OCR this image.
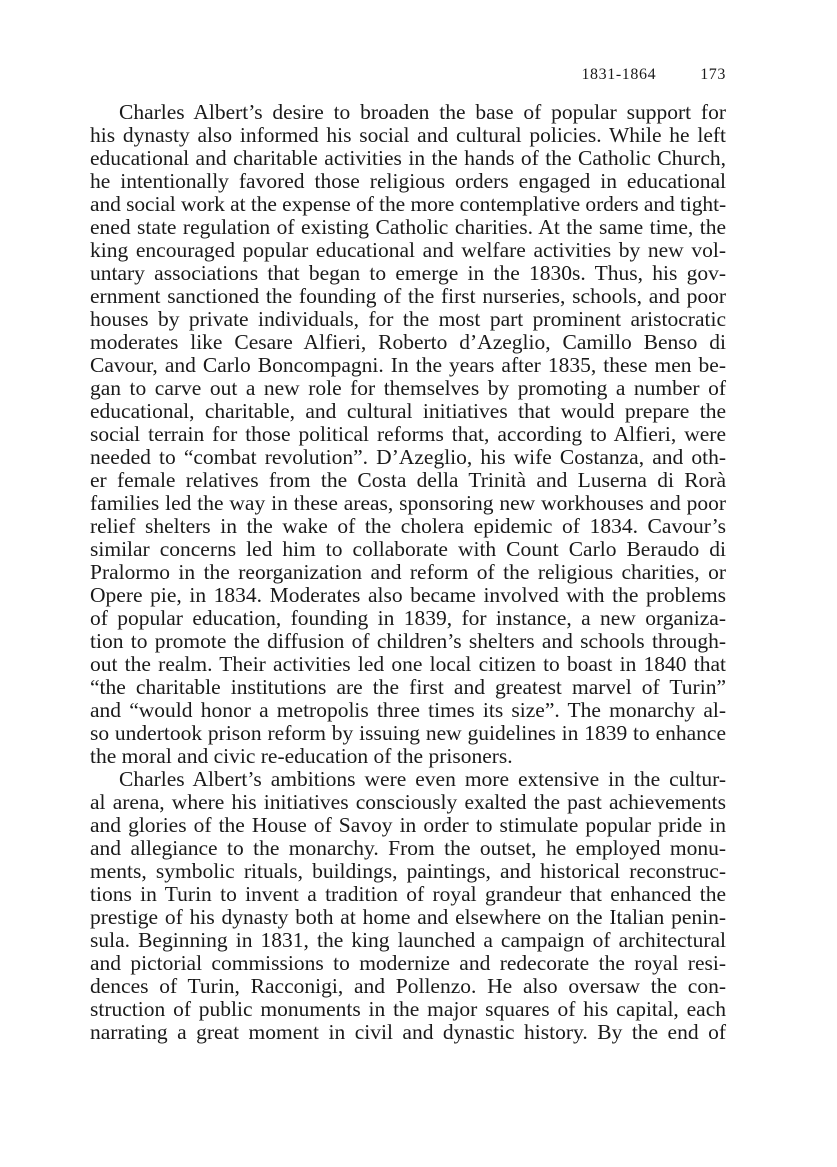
1831-1864	173
Charles Albert’s desire to broaden the base of popular support for
his dynasty also informed his social and cultural policies. While he left
educational and charitable activities in the hands of the Catholic Church,
he intentionally favored those religious orders engaged in educational
and social work at the expense of the more contemplative orders and tight-
ened state regulation of existing Catholic charities. At the same time, the
king encouraged popular educational and welfare activities by new vol-
untary associations that began to emerge in the 1830s. Thus, his gov-
ernment sanctioned the founding of the first nurseries, schools, and poor
houses by private individuals, for the most part prominent aristocratic
moderates like Cesare Alfieri, Roberto d’Azeglio, Camillo Benso di
Cavour, and Carlo Boncompagni. In the years after 1835, these men be-
gan to carve out a new role for themselves by promoting a number of
educational, charitable, and cultural initiatives that would prepare the
social terrain for those political reforms that, according to Alfieri, were
needed to “combat revolution”. D’Azeglio, his wife Costanza, and oth-
er female relatives from the Costa della Trinità and Luserna di Rorà
families led the way in these areas, sponsoring new workhouses and poor
relief shelters in the wake of the cholera epidemic of 1834. Cavour’s
similar concerns led him to collaborate with Count Carlo Beraudo di
Pralormo in the reorganization and reform of the religious charities, or
Opere pie, in 1834. Moderates also became involved with the problems
of popular education, founding in 1839, for instance, a new organiza-
tion to promote the diffusion of children’s shelters and schools through-
out the realm. Their activities led one local citizen to boast in 1840 that
“the charitable institutions are the first and greatest marvel of Turin”
and “would honor a metropolis three times its size”. The monarchy al-
so undertook prison reform by issuing new guidelines in 1839 to enhance
the moral and civic re-education of the prisoners.
Charles Albert’s ambitions were even more extensive in the cultur-
al arena, where his initiatives consciously exalted the past achievements
and glories of the House of Savoy in order to stimulate popular pride in
and allegiance to the monarchy. From the outset, he employed monu-
ments, symbolic rituals, buildings, paintings, and historical reconstruc-
tions in Turin to invent a tradition of royal grandeur that enhanced the
prestige of his dynasty both at home and elsewhere on the Italian penin-
sula. Beginning in 1831, the king launched a campaign of architectural
and pictorial commissions to modernize and redecorate the royal resi-
dences of Turin, Racconigi, and Pollenzo. He also oversaw the con-
struction of public monuments in the major squares of his capital, each
narrating a great moment in civil and dynastic history. By the end of
